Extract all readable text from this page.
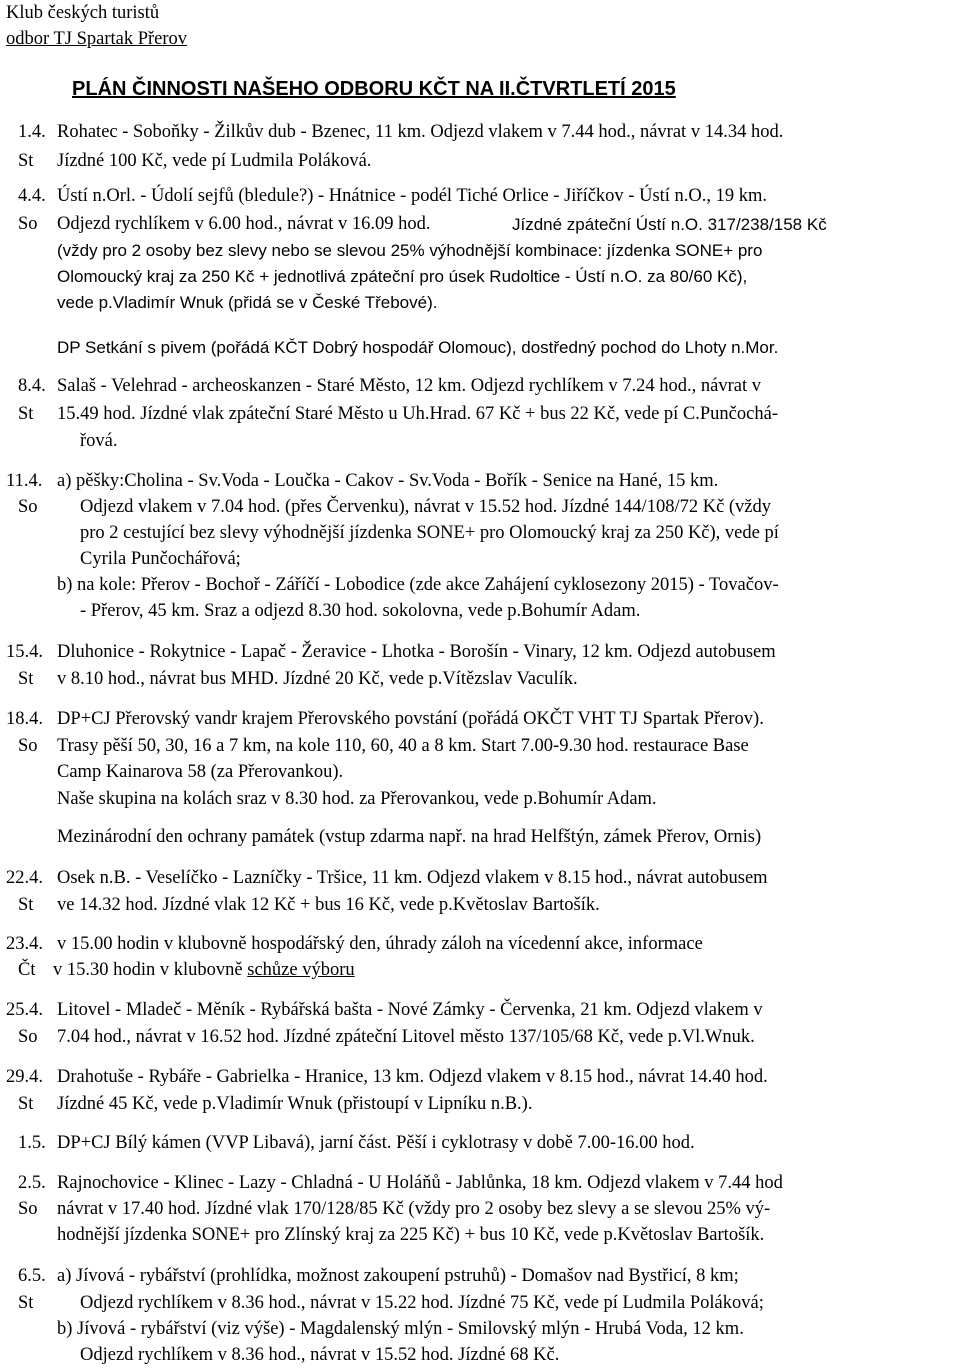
Klub českých turistů
odbor TJ Spartak Přerov
PLÁN ČINNOSTI NAŠEHO ODBORU KČT NA II.ČTVRTLETÍ 2015
1.4. Rohatec - Soboňky - Žilkův dub - Bzenec, 11 km. Odjezd vlakem v 7.44 hod., návrat v 14.34 hod.
St Jízdné 100 Kč, vede pí Ludmila Poláková.
4.4. Ústí n.Orl. - Údolí sejfů (bledule?) - Hnátnice - podél Tiché Orlice - Jiříčkov - Ústí n.O., 19 km.
So Odjezd rychlíkem v 6.00 hod., návrat v 16.09 hod.	Jízdné zpáteční Ústí n.O. 317/238/158 Kč
(vždy pro 2 osoby bez slevy nebo se slevou 25% výhodnější kombinace: jízdenka SONE+ pro
Olomoucký kraj za 250 Kč + jednotlivá zpáteční pro úsek Rudoltice - Ústí n.O. za 80/60 Kč),
vede p.Vladimír Wnuk (přidá se v České Třebové).
DP Setkání s pivem (pořádá KČT Dobrý hospodář Olomouc), dostředný pochod do Lhoty n.Mor.
8.4. Salaš - Velehrad - archeoskanzen - Staré Město, 12 km. Odjezd rychlíkem v 7.24 hod., návrat v
St 15.49 hod. Jízdné vlak zpáteční Staré Město u Uh.Hrad. 67 Kč + bus 22 Kč, vede pí C.Punčochá-
řová.
11.4. a) pěšky:Cholina - Sv.Voda - Loučka - Cakov - Sv.Voda - Bořík - Senice na Hané, 15 km.
So Odjezd vlakem v 7.04 hod. (přes Červenku), návrat v 15.52 hod. Jízdné 144/108/72 Kč (vždy
pro 2 cestující bez slevy výhodnější jízdenka SONE+ pro Olomoucký kraj za 250 Kč), vede pí
Cyrila Punčochářová;
b) na kole: Přerov - Bochoř - Záříčí - Lobodice (zde akce Zahájení cyklosezony 2015) - Tovačov-
- Přerov, 45 km. Sraz a odjezd 8.30 hod. sokolovna, vede p.Bohumír Adam.
15.4. Dluhonice - Rokytnice - Lapač - Žeravice - Lhotka - Borošín - Vinary, 12 km. Odjezd autobusem
St v 8.10 hod., návrat bus MHD. Jízdné 20 Kč, vede p.Vítězslav Vaculík.
18.4. DP+CJ Přerovský vandr krajem Přerovského povstání (pořádá OKČT VHT TJ Spartak Přerov).
So Trasy pěší 50, 30, 16 a 7 km, na kole 110, 60, 40 a 8 km. Start 7.00-9.30 hod. restaurace Base
Camp Kainarova 58 (za Přerovankou).
Naše skupina na kolách sraz v 8.30 hod. za Přerovankou, vede p.Bohumír Adam.
Mezinárodní den ochrany památek (vstup zdarma např. na hrad Helfštýn, zámek Přerov, Ornis)
22.4. Osek n.B. - Veselíčko - Lazníčky - Tršice, 11 km. Odjezd vlakem v 8.15 hod., návrat autobusem
St ve 14.32 hod. Jízdné vlak 12 Kč + bus 16 Kč, vede p.Květoslav Bartošík.
23.4. v 15.00 hodin v klubovně hospodářský den, úhrady záloh na vícedenní akce, informace
Čt v 15.30 hodin v klubovně schůze výboru
25.4. Litovel - Mladeč - Měník - Rybářská bašta - Nové Zámky - Červenka, 21 km. Odjezd vlakem v
So 7.04 hod., návrat v 16.52 hod. Jízdné zpáteční Litovel město 137/105/68 Kč, vede p.Vl.Wnuk.
29.4. Drahotuše - Rybáře - Gabrielka - Hranice, 13 km. Odjezd vlakem v 8.15 hod., návrat 14.40 hod.
St Jízdné 45 Kč, vede p.Vladimír Wnuk (přistoupí v Lipníku n.B.).
1.5. DP+CJ Bílý kámen (VVP Libavá), jarní část. Pěší i cyklotrasy v době 7.00-16.00 hod.
2.5. Rajnochovice - Klinec - Lazy - Chladná - U Holáňů - Jablůnka, 18 km. Odjezd vlakem v 7.44 hod
So návrat v 17.40 hod. Jízdné vlak 170/128/85 Kč (vždy pro 2 osoby bez slevy a se slevou 25% vý-
hodnější jízdenka SONE+ pro Zlínský kraj za 225 Kč) + bus 10 Kč, vede p.Květoslav Bartošík.
6.5. a) Jívová - rybářství (prohlídka, možnost zakoupení pstruhů) - Domašov nad Bystřicí, 8 km;
St	Odjezd rychlíkem v 8.36 hod., návrat v 15.22 hod. Jízdné 75 Kč, vede pí Ludmila Poláková;
b) Jívová - rybářství (viz výše) - Magdalenský mlýn - Smilovský mlýn - Hrubá Voda, 12 km.
Odjezd rychlíkem v 8.36 hod., návrat v 15.52 hod. Jízdné 68 Kč.
